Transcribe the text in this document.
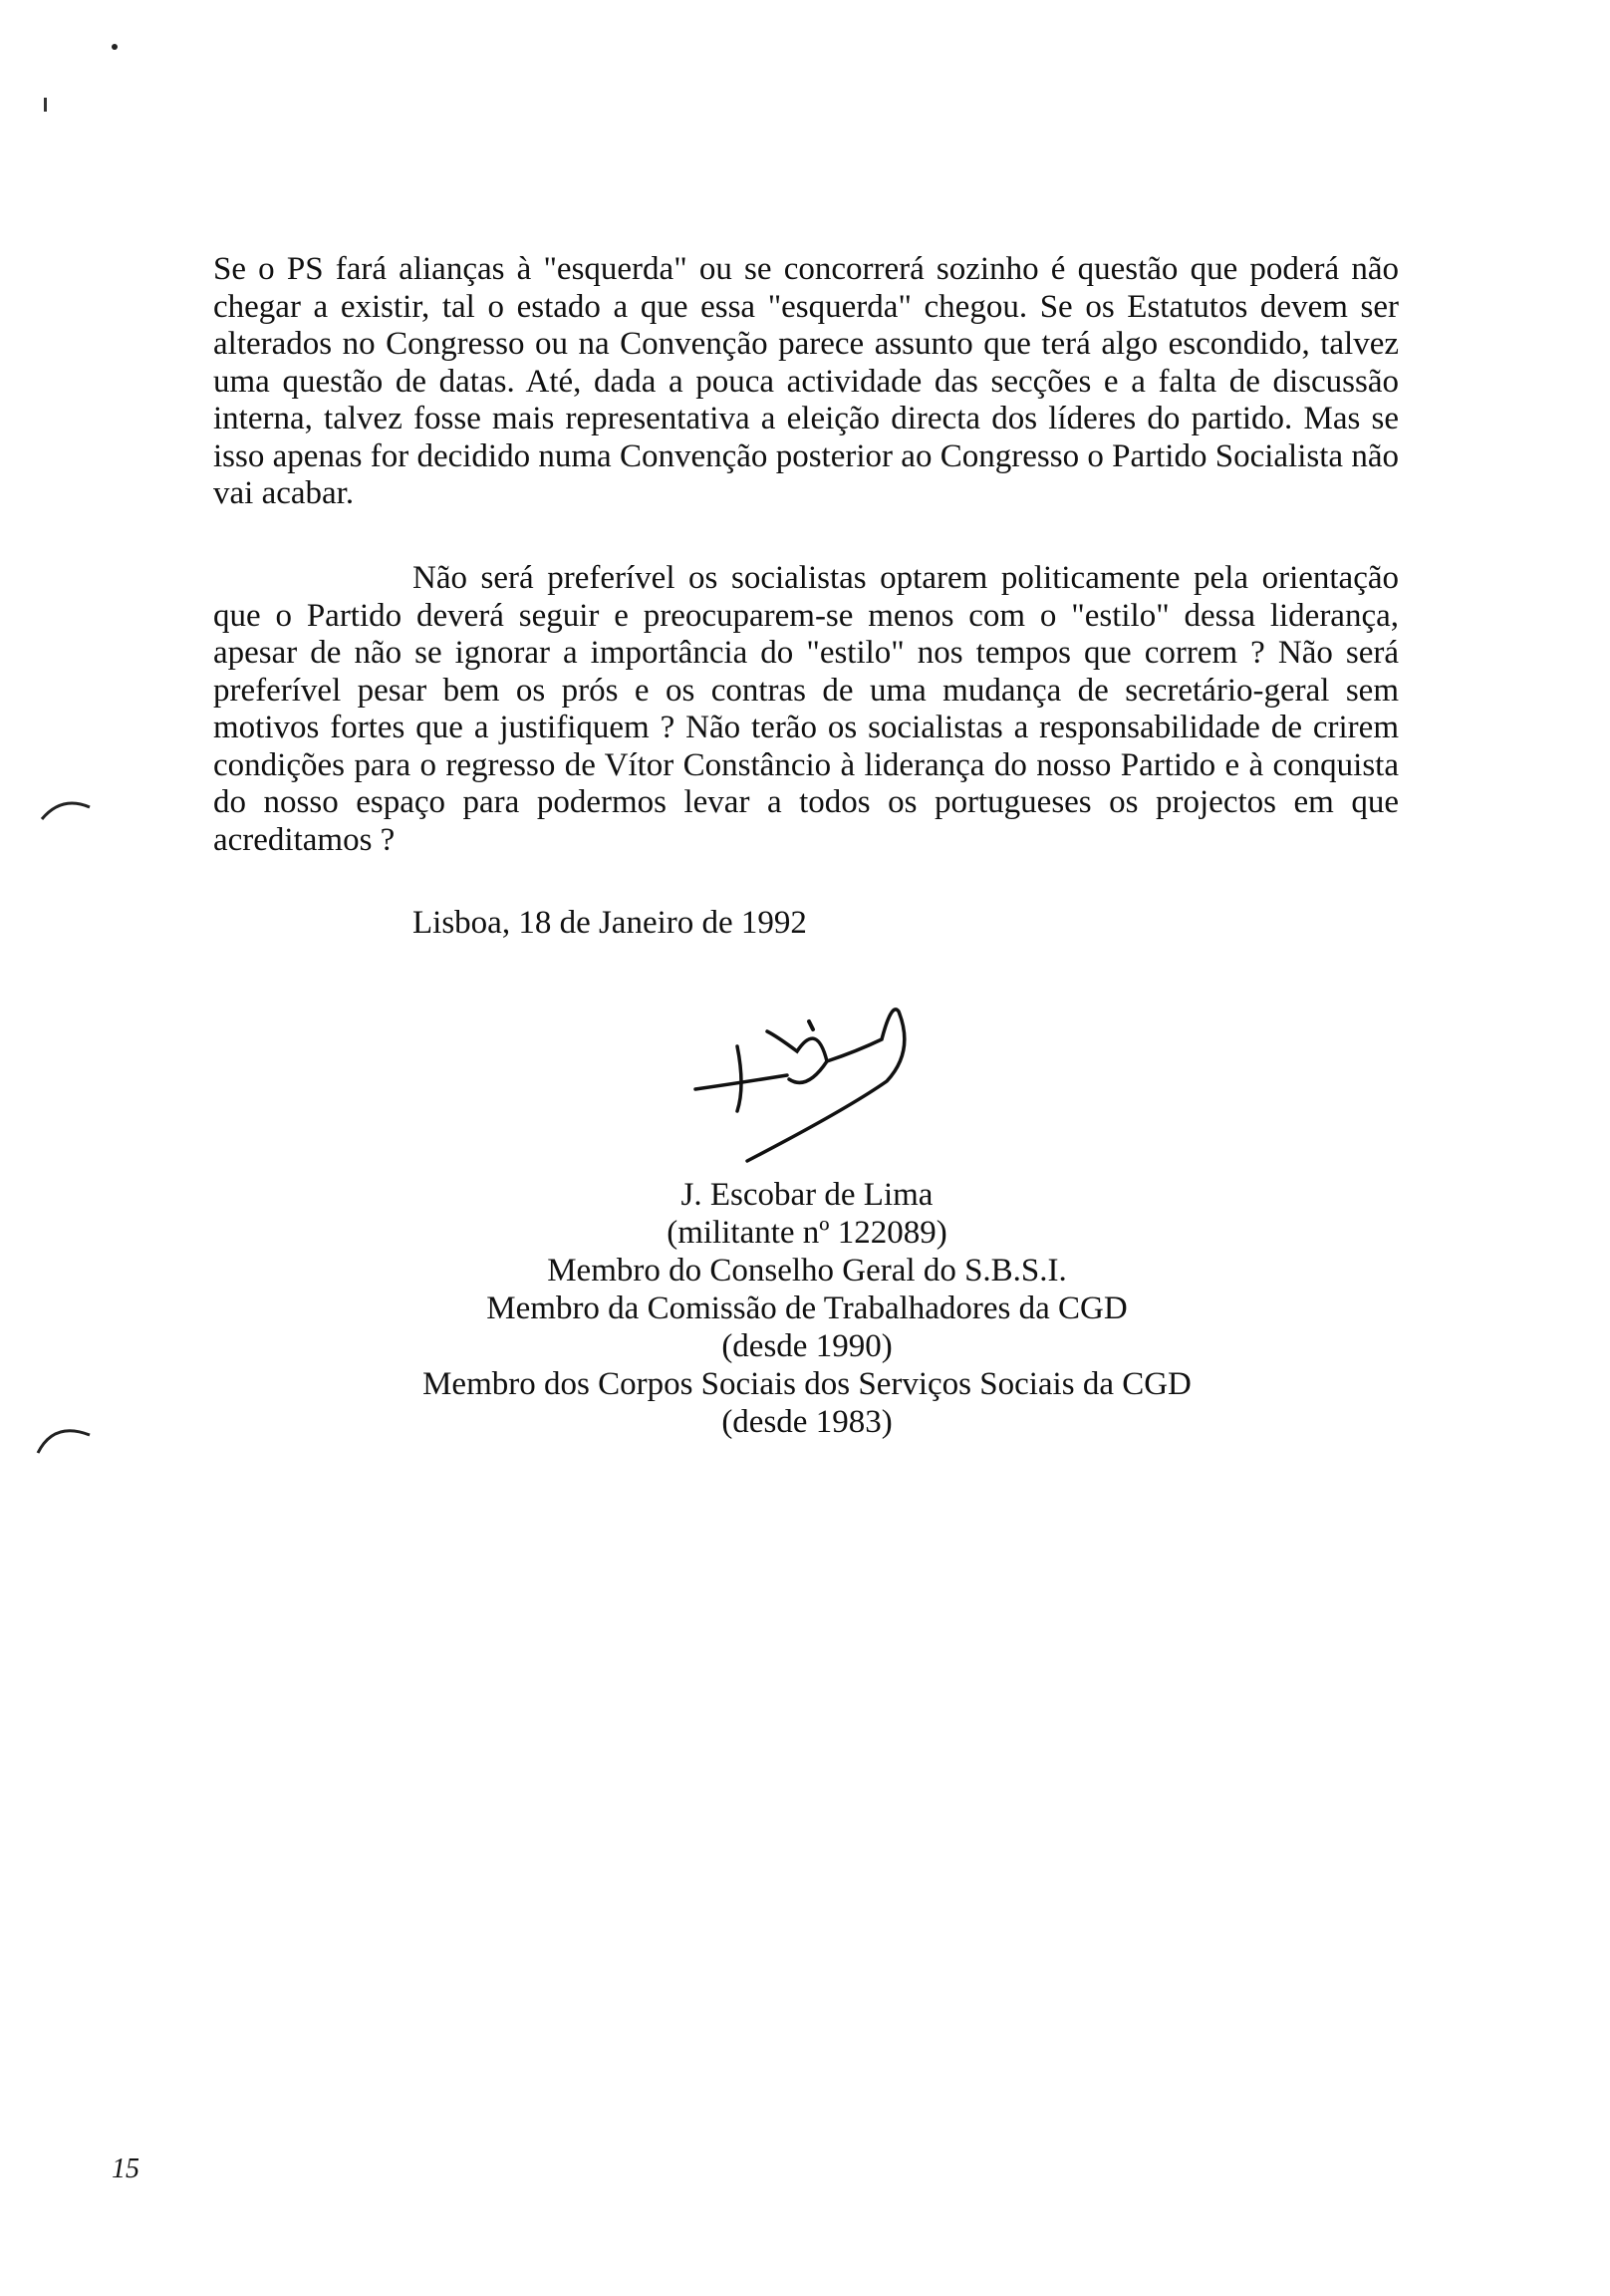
Se o PS fará alianças à "esquerda" ou se concorrerá sozinho é questão que poderá não chegar a existir, tal o estado a que essa "esquerda" chegou. Se os Estatutos devem ser alterados no Congresso ou na Convenção parece assunto que terá algo escondido, talvez uma questão de datas. Até, dada a pouca actividade das secções e a falta de discussão interna, talvez fosse mais representativa a eleição directa dos líderes do partido. Mas se isso apenas for decidido numa Convenção posterior ao Congresso o Partido Socialista não vai acabar.

Não será preferível os socialistas optarem politicamente pela orientação que o Partido deverá seguir e preocuparem-se menos com o "estilo" dessa liderança, apesar de não se ignorar a importância do "estilo" nos tempos que correm ? Não será preferível pesar bem os prós e os contras de uma mudança de secretário-geral sem motivos fortes que a justifiquem ? Não terão os socialistas a responsabilidade de crirem condições para o regresso de Vítor Constâncio à liderança do nosso Partido e à conquista do nosso espaço para podermos levar a todos os portugueses os projectos em que acreditamos ?

Lisboa, 18 de Janeiro de 1992

J. Escobar de Lima
(militante nº 122089)
Membro do Conselho Geral do S.B.S.I.
Membro da Comissão de Trabalhadores da CGD
(desde 1990)
Membro dos Corpos Sociais dos Serviços Sociais da CGD
(desde 1983)
15
